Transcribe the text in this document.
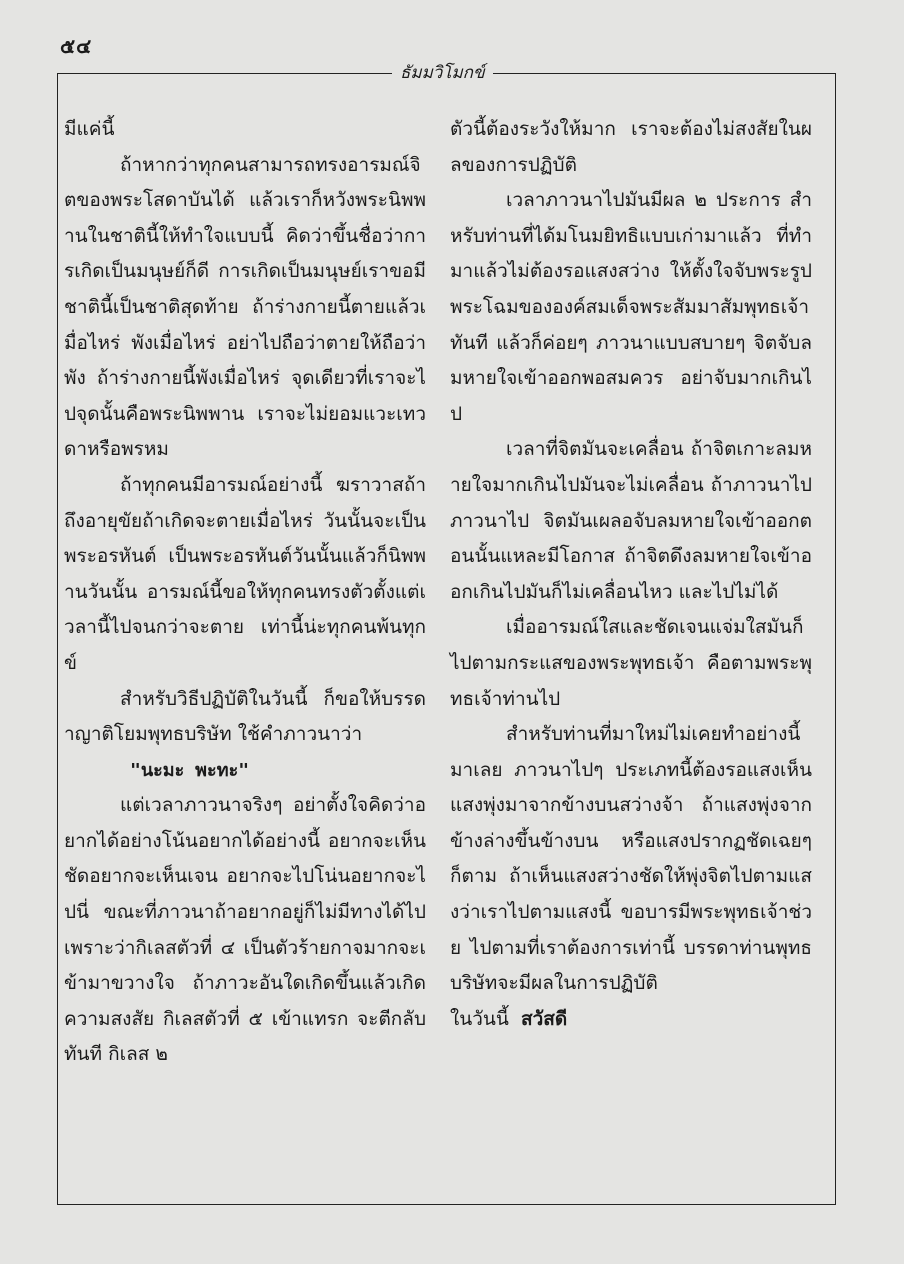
๕๔
ธัมมวิโมกข์

มีแค่นี้

ถ้าหากว่าทุกคนสามารถทรงอารมณ์จิตของพระโสดาบันได้ แล้วเราก็หวังพระนิพพานในชาตินี้ให้ทำใจแบบนี้ คิดว่าขึ้นชื่อว่าการเกิดเป็นมนุษย์ก็ดี การเกิดเป็นมนุษย์เราขอมีชาตินี้เป็นชาติสุดท้าย ถ้าร่างกายนี้ตายแล้วเมื่อไหร่ พังเมื่อไหร่ อย่าไปถือว่าตายให้ถือว่าพัง ถ้าร่างกายนี้พังเมื่อไหร่ จุดเดียวที่เราจะไปจุดนั้นคือพระนิพพาน เราจะไม่ยอมแวะเทวดาหรือพรหม

ถ้าทุกคนมีอารมณ์อย่างนี้ ฆราวาสถ้าถึงอายุขัยถ้าเกิดจะตายเมื่อไหร่ วันนั้นจะเป็นพระอรหันต์ เป็นพระอรหันต์วันนั้นแล้วก็นิพพานวันนั้น อารมณ์นี้ขอให้ทุกคนทรงตัวตั้งแต่เวลานี้ไปจนกว่าจะตาย เท่านี้น่ะทุกคนพ้นทุกข์

สำหรับวิธีปฏิบัติในวันนี้ ก็ขอให้บรรดาญาติโยมพุทธบริษัท ใช้คำภาวนาว่า

"นะมะ พะทะ"

แต่เวลาภาวนาจริงๆ อย่าตั้งใจคิดว่าอยากได้อย่างโน้นอยากได้อย่างนี้ อยากจะเห็นชัดอยากจะเห็นเจน อยากจะไปโน่นอยากจะไปนี่ ขณะที่ภาวนาถ้าอยากอยู่ก็ไม่มีทางได้ไป เพราะว่ากิเลสตัวที่ ๔ เป็นตัวร้ายกาจมากจะเข้ามาขวางใจ ถ้าภาวะอันใดเกิดขึ้นแล้วเกิดความสงสัย กิเลสตัวที่ ๕ เข้าแทรก จะตีกลับทันที กิเลส ๒

ตัวนี้ต้องระวังให้มาก เราจะต้องไม่สงสัยในผลของการปฏิบัติ

เวลาภาวนาไปมันมีผล ๒ ประการ สำหรับท่านที่ได้มโนมยิทธิแบบเก่ามาแล้ว ที่ทำมาแล้วไม่ต้องรอแสงสว่าง ให้ตั้งใจจับพระรูปพระโฉมขององค์สมเด็จพระสัมมาสัมพุทธเจ้าทันที แล้วก็ค่อยๆ ภาวนาแบบสบายๆ จิตจับลมหายใจเข้าออกพอสมควร อย่าจับมากเกินไป

เวลาที่จิตมันจะเคลื่อน ถ้าจิตเกาะลมหายใจมากเกินไปมันจะไม่เคลื่อน ถ้าภาวนาไปภาวนาไป จิตมันเผลอจับลมหายใจเข้าออกตอนนั้นแหละมีโอกาส ถ้าจิตดึงลมหายใจเข้าออกเกินไปมันก็ไม่เคลื่อนไหว และไปไม่ได้

เมื่ออารมณ์ใสและชัดเจนแจ่มใสมันก็ไปตามกระแสของพระพุทธเจ้า คือตามพระพุทธเจ้าท่านไป

สำหรับท่านที่มาใหม่ไม่เคยทำอย่างนี้มาเลย ภาวนาไปๆ ประเภทนี้ต้องรอแสงเห็นแสงพุ่งมาจากข้างบนสว่างจ้า ถ้าแสงพุ่งจากข้างล่างขึ้นข้างบน หรือแสงปรากฏชัดเฉยๆ ก็ตาม ถ้าเห็นแสงสว่างชัดให้พุ่งจิตไปตามแสงว่าเราไปตามแสงนี้ ขอบารมีพระพุทธเจ้าช่วย ไปตามที่เราต้องการเท่านี้ บรรดาท่านพุทธบริษัทจะมีผลในการปฏิบัติ

ในวันนี้ สวัสดี
